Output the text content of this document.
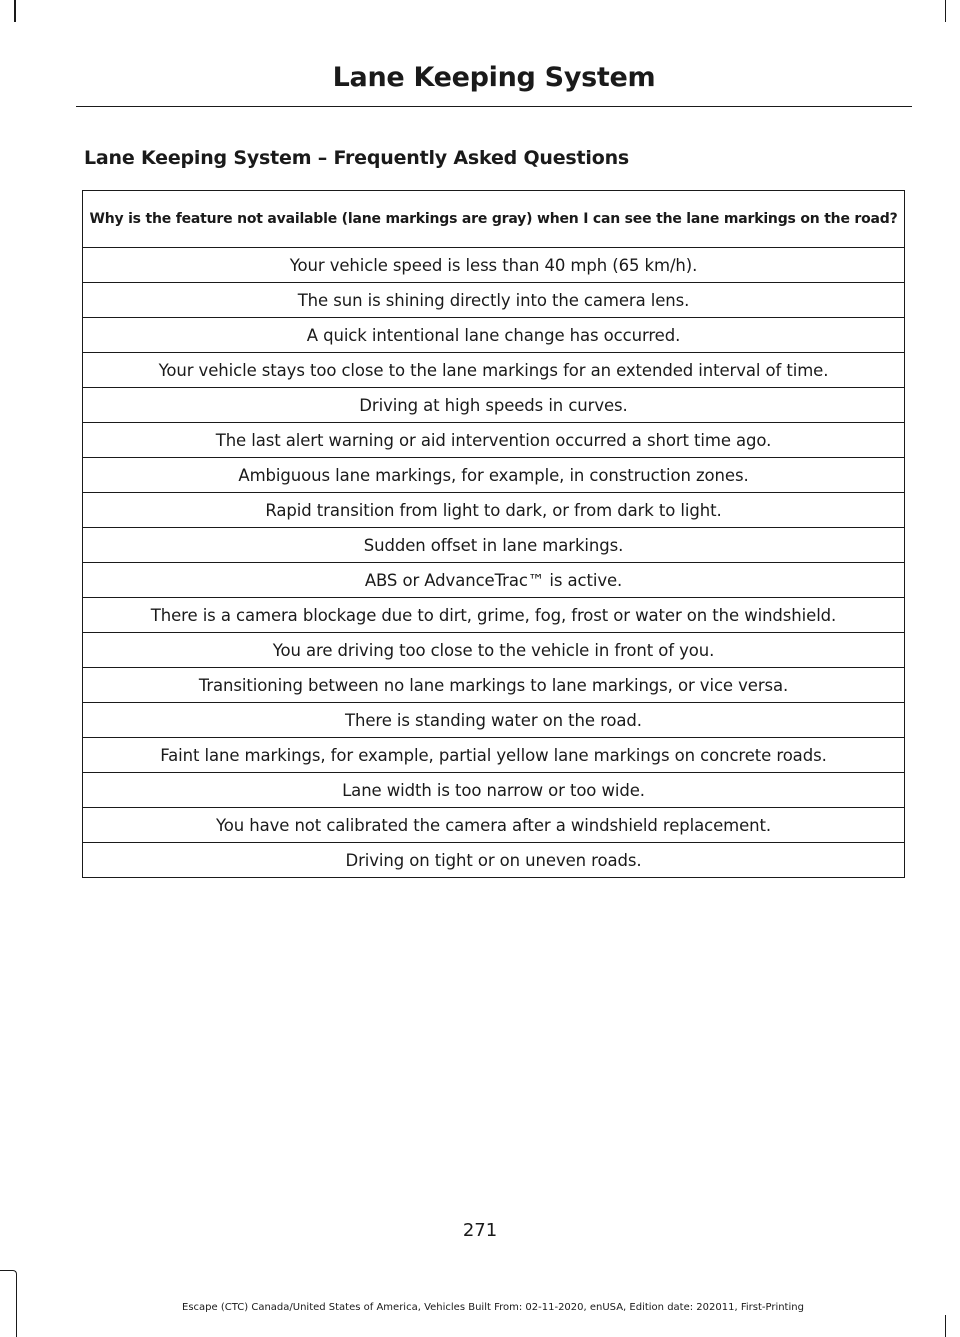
Lane Keeping System
Lane Keeping System – Frequently Asked Questions
Why is the feature not available (lane markings are gray) when I can see the lane markings on the road?
Your vehicle speed is less than 40 mph (65 km/h).
The sun is shining directly into the camera lens.
A quick intentional lane change has occurred.
Your vehicle stays too close to the lane markings for an extended interval of time.
Driving at high speeds in curves.
The last alert warning or aid intervention occurred a short time ago.
Ambiguous lane markings, for example, in construction zones.
Rapid transition from light to dark, or from dark to light.
Sudden offset in lane markings.
ABS or AdvanceTrac™ is active.
There is a camera blockage due to dirt, grime, fog, frost or water on the windshield.
You are driving too close to the vehicle in front of you.
Transitioning between no lane markings to lane markings, or vice versa.
There is standing water on the road.
Faint lane markings, for example, partial yellow lane markings on concrete roads.
Lane width is too narrow or too wide.
You have not calibrated the camera after a windshield replacement.
Driving on tight or on uneven roads.
271
Escape (CTC) Canada/United States of America, Vehicles Built From: 02-11-2020, enUSA, Edition date: 202011, First-Printing
